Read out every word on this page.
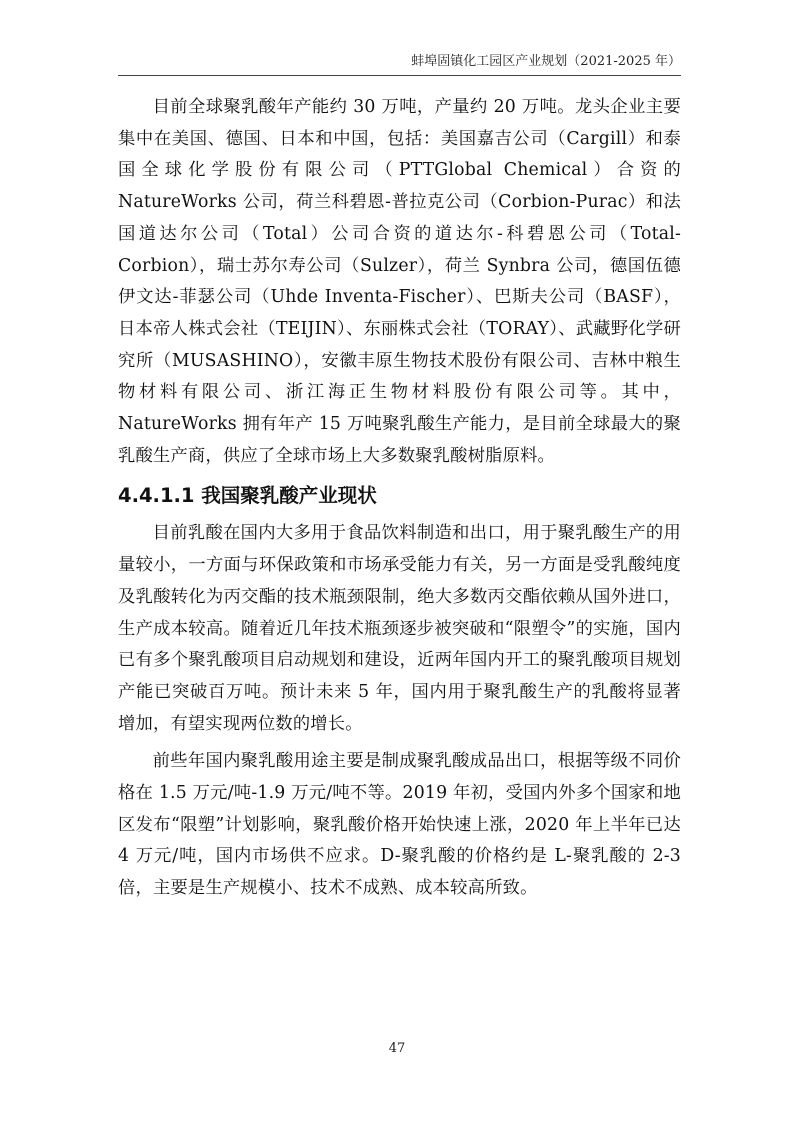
蚌埠固镇化工园区产业规划（2021-2025 年）

目前全球聚乳酸年产能约 30 万吨，产量约 20 万吨。龙头企业主要集中在美国、德国、日本和中国，包括：美国嘉吉公司（Cargill）和泰国全球化学股份有限公司（PTTGlobal Chemical）合资的NatureWorks 公司，荷兰科碧恩-普拉克公司（Corbion-Purac）和法国道达尔公司（Total）公司合资的道达尔-科碧恩公司（Total-Corbion），瑞士苏尔寿公司（Sulzer），荷兰 Synbra 公司，德国伍德伊文达-菲瑟公司（Uhde Inventa-Fischer）、巴斯夫公司（BASF），日本帝人株式会社（TEIJIN）、东丽株式会社（TORAY）、武藏野化学研究所（MUSASHINO），安徽丰原生物技术股份有限公司、吉林中粮生物材料有限公司、浙江海正生物材料股份有限公司等。其中，NatureWorks 拥有年产 15 万吨聚乳酸生产能力，是目前全球最大的聚乳酸生产商，供应了全球市场上大多数聚乳酸树脂原料。

4.4.1.1 我国聚乳酸产业现状

目前乳酸在国内大多用于食品饮料制造和出口，用于聚乳酸生产的用量较小，一方面与环保政策和市场承受能力有关，另一方面是受乳酸纯度及乳酸转化为丙交酯的技术瓶颈限制，绝大多数丙交酯依赖从国外进口，生产成本较高。随着近几年技术瓶颈逐步被突破和“限塑令”的实施，国内已有多个聚乳酸项目启动规划和建设，近两年国内开工的聚乳酸项目规划产能已突破百万吨。预计未来 5 年，国内用于聚乳酸生产的乳酸将显著增加，有望实现两位数的增长。

前些年国内聚乳酸用途主要是制成聚乳酸成品出口，根据等级不同价格在 1.5 万元/吨-1.9 万元/吨不等。2019 年初，受国内外多个国家和地区发布“限塑”计划影响，聚乳酸价格开始快速上涨，2020 年上半年已达 4 万元/吨，国内市场供不应求。D-聚乳酸的价格约是 L-聚乳酸的 2-3 倍，主要是生产规模小、技术不成熟、成本较高所致。

47
